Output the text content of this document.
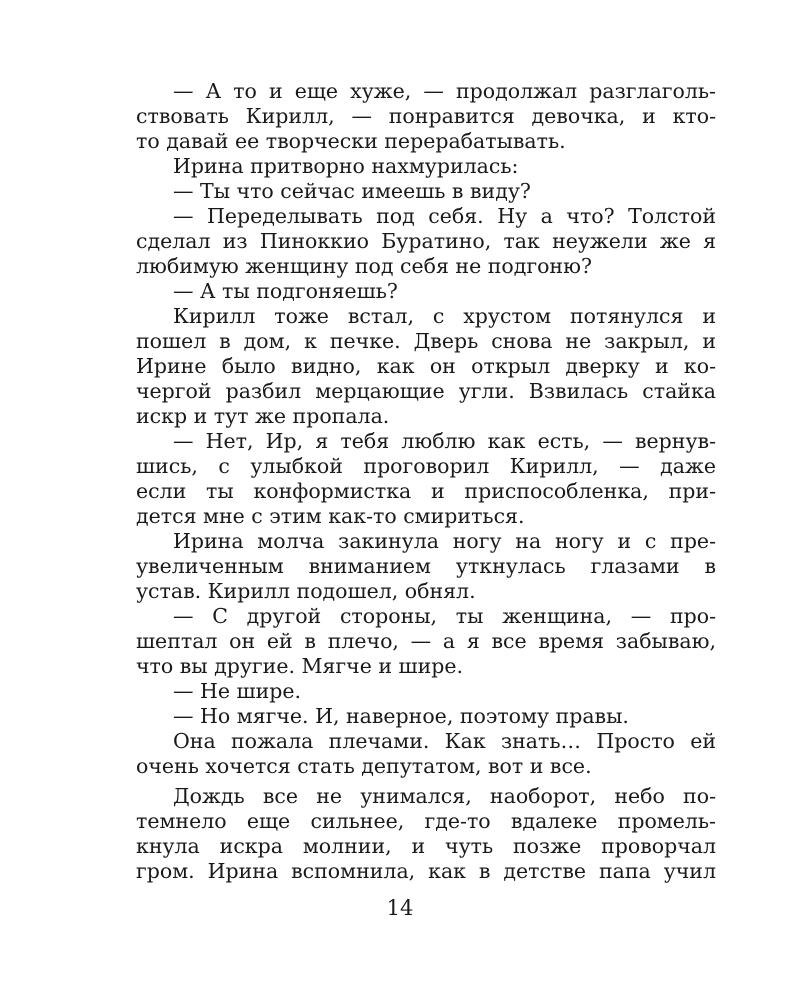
— А то и еще хуже, — продолжал разглаголь-
ствовать Кирилл, — понравится девочка, и кто-
то давай ее творчески перерабатывать.
Ирина притворно нахмурилась:
— Ты что сейчас имеешь в виду?
— Переделывать под себя. Ну а что? Толстой
сделал из Пиноккио Буратино, так неужели же я
любимую женщину под себя не подгоню?
— А ты подгоняешь?
Кирилл тоже встал, с хрустом потянулся и
пошел в дом, к печке. Дверь снова не закрыл, и
Ирине было видно, как он открыл дверку и ко-
чергой разбил мерцающие угли. Взвилась стайка
искр и тут же пропала.
— Нет, Ир, я тебя люблю как есть, — вернув-
шись, с улыбкой проговорил Кирилл, — даже
если ты конформистка и приспособленка, при-
дется мне с этим как-то смириться.
Ирина молча закинула ногу на ногу и с пре-
увеличенным вниманием уткнулась глазами в
устав. Кирилл подошел, обнял.
— С другой стороны, ты женщина, — про-
шептал он ей в плечо, — а я все время забываю,
что вы другие. Мягче и шире.
— Не шире.
— Но мягче. И, наверное, поэтому правы.
Она пожала плечами. Как знать… Просто ей
очень хочется стать депутатом, вот и все.
Дождь все не унимался, наоборот, небо по-
темнело еще сильнее, где-то вдалеке промель-
кнула искра молнии, и чуть позже проворчал
гром. Ирина вспомнила, как в детстве папа учил
14
